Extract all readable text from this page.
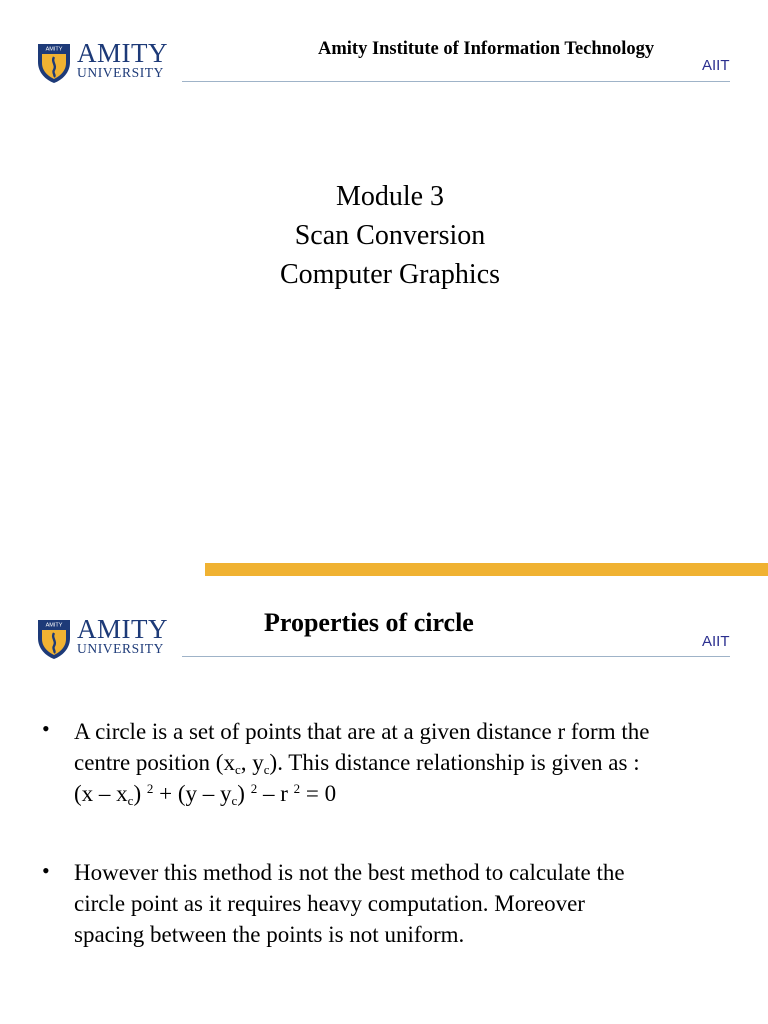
AMITY AMITY
UNIVERSITY
Amity Institute of Information Technology
AIIT
Module 3
Scan Conversion
Computer Graphics
AMITY AMITY
UNIVERSITY
Properties of circle
AIIT
• A circle is a set of points that are at a given distance r form the
centre position ($x_c$, $y_c$). This distance relationship is given as :
$(x - x_c)$ $^2 + (y - y_c)$ $^2$ – r $^2$ = 0
• However this method is not the best method to calculate the
circle point as it requires heavy computation. Moreover
spacing between the points is not uniform.
